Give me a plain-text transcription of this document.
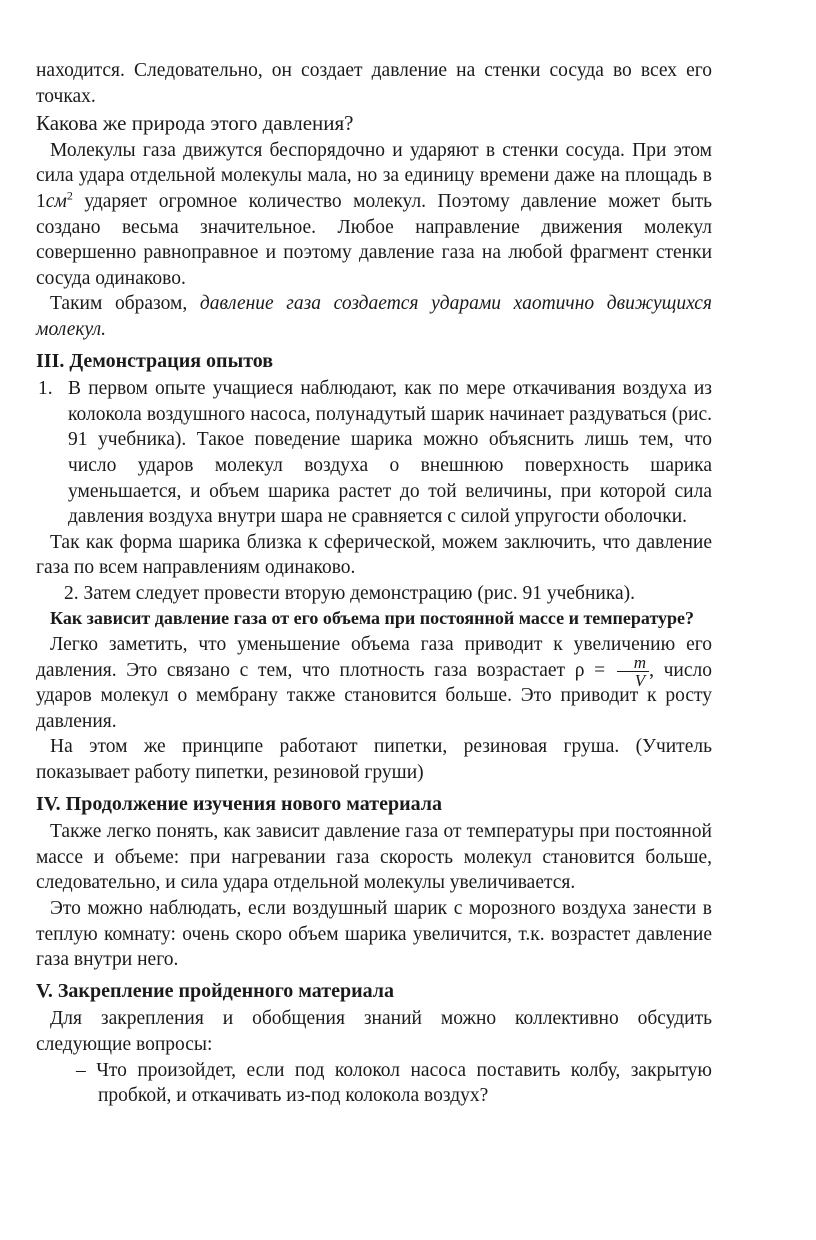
находится. Следовательно, он создает давление на стенки сосуда во всех его точках.

Какова же природа этого давления?

Молекулы газа движутся беспорядочно и ударяют в стенки сосуда. При этом сила удара отдельной молекулы мала, но за единицу времени даже на площадь в $1см^2$ ударяет огромное количество молекул. Поэтому давление может быть создано весьма значительное. Любое направление движения молекул совершенно равноправное и поэтому давление газа на любой фрагмент стенки сосуда одинаково.

Таким образом, давление газа создается ударами хаотично движущихся молекул.

III. Демонстрация опытов

1. В первом опыте учащиеся наблюдают, как по мере откачивания воздуха из колокола воздушного насоса, полунадутый шарик начинает раздуваться (рис. 91 учебника). Такое поведение шарика можно объяснить лишь тем, что число ударов молекул воздуха о внешнюю поверхность шарика уменьшается, и объем шарика растет до той величины, при которой сила давления воздуха внутри шара не сравняется с силой упругости оболочки.

Так как форма шарика близка к сферической, можем заключить, что давление газа по всем направлениям одинаково.

2. Затем следует провести вторую демонстрацию (рис. 91 учебника).

Как зависит давление газа от его объема при постоянной массе и температуре?

Легко заметить, что уменьшение объема газа приводит к увеличению его давления. Это связано с тем, что плотность газа возрастает $\rho = \frac{m}{V}$ , число ударов молекул о мембрану также становится больше. Это приводит к росту давления.

На этом же принципе работают пипетки, резиновая груша. (Учитель показывает работу пипетки, резиновой груши)

IV. Продолжение изучения нового материала

Также легко понять, как зависит давление газа от температуры при постоянной массе и объеме: при нагревании газа скорость молекул становится больше, следовательно, и сила удара отдельной молекулы увеличивается.

Это можно наблюдать, если воздушный шарик с морозного воздуха занести в теплую комнату: очень скоро объем шарика увеличится, т.к. возрастет давление газа внутри него.

V. Закрепление пройденного материала

Для закрепления и обобщения знаний можно коллективно обсудить следующие вопросы:

– Что произойдет, если под колокол насоса поставить колбу, закрытую пробкой, и откачивать из-под колокола воздух?
